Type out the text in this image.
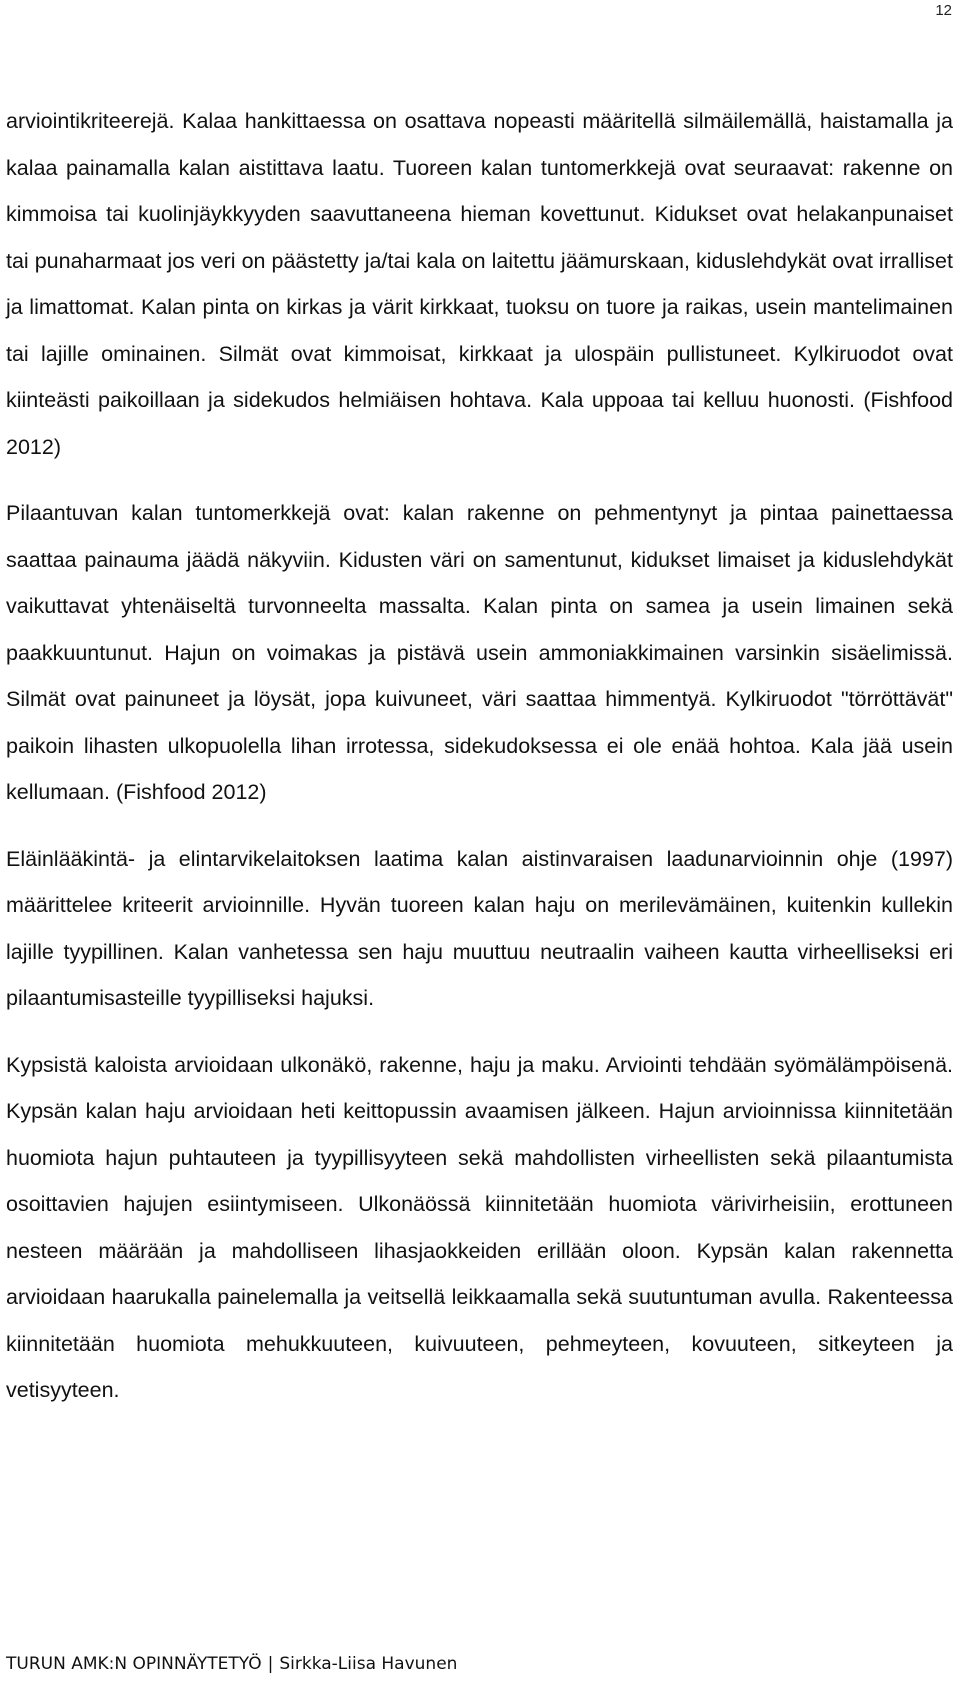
12

arviointikriteerejä. Kalaa hankittaessa on osattava nopeasti määritellä silmäilemällä, haistamalla ja kalaa painamalla kalan aistittava laatu. Tuoreen kalan tuntomerkkejä ovat seuraavat: rakenne on kimmoisa tai kuolinjäykkyyden saavuttaneena hieman kovettunut. Kidukset ovat helakanpunaiset tai punaharmaat jos veri on päästetty ja/tai kala on laitettu jäämurskaan, kiduslehdykät ovat irralliset ja limattomat. Kalan pinta on kirkas ja värit kirkkaat, tuoksu on tuore ja raikas, usein mantelimainen tai lajille ominainen. Silmät ovat kimmoisat, kirkkaat ja ulospäin pullistuneet. Kylkiruodot ovat kiinteästi paikoillaan ja sidekudos helmiäisen hohtava. Kala uppoaa tai kelluu huonosti. (Fishfood 2012)

Pilaantuvan kalan tuntomerkkejä ovat: kalan rakenne on pehmentynyt ja pintaa painettaessa saattaa painauma jäädä näkyviin. Kidusten väri on samentunut, kidukset limaiset ja kiduslehdykät vaikuttavat yhtenäiseltä turvonneelta massalta. Kalan pinta on samea ja usein limainen sekä paakkuuntunut. Hajun on voimakas ja pistävä usein ammoniakkimainen varsinkin sisäelimissä. Silmät ovat painuneet ja löysät, jopa kuivuneet, väri saattaa himmentyä. Kylkiruodot "törröttävät" paikoin lihasten ulkopuolella lihan irrotessa, sidekudoksessa ei ole enää hohtoa. Kala jää usein kellumaan. (Fishfood 2012)

Eläinlääkintä- ja elintarvikelaitoksen laatima kalan aistinvaraisen laadunarvioinnin ohje (1997) määrittelee kriteerit arvioinnille. Hyvän tuoreen kalan haju on merilevämäinen, kuitenkin kullekin lajille tyypillinen. Kalan vanhetessa sen haju muuttuu neutraalin vaiheen kautta virheelliseksi eri pilaantumisasteille tyypilliseksi hajuksi.

Kypsistä kaloista arvioidaan ulkonäkö, rakenne, haju ja maku. Arviointi tehdään syömälämpöisenä. Kypsän kalan haju arvioidaan heti keittopussin avaamisen jälkeen. Hajun arvioinnissa kiinnitetään huomiota hajun puhtauteen ja tyypillisyyteen sekä mahdollisten virheellisten sekä pilaantumista osoittavien hajujen esiintymiseen. Ulkonäössä kiinnitetään huomiota värivirheisiin, erottuneen nesteen määrään ja mahdolliseen lihasjaokkeiden erillään oloon. Kypsän kalan rakennetta arvioidaan haarukalla painelemalla ja veitsellä leikkaamalla sekä suutuntuman avulla. Rakenteessa kiinnitetään huomiota mehukkuuteen, kuivuuteen, pehmeyteen, kovuuteen, sitkeyteen ja vetisyyteen.

TURUN AMK:N OPINNÄYTETYÖ | Sirkka-Liisa Havunen
